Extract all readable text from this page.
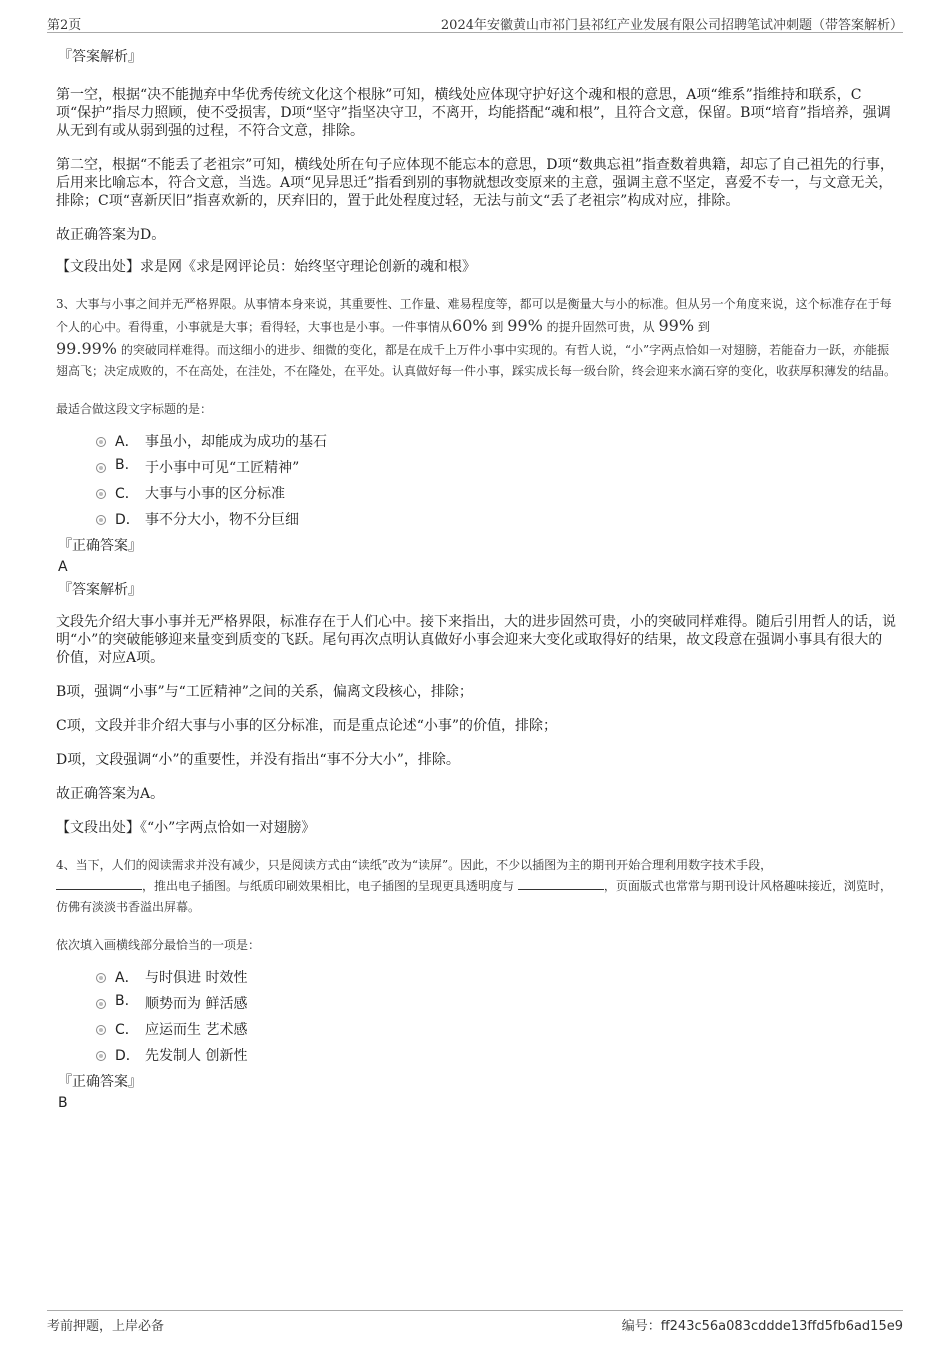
第2页	2024年安徽黄山市祁门县祁红产业发展有限公司招聘笔试冲刺题（带答案解析）
『答案解析』

第一空，根据“决不能抛弃中华优秀传统文化这个根脉”可知，横线处应体现守护好这个魂和根的意思，A项“维系”指维持和联系，C项“保护”指尽力照顾，使不受损害，D项“坚守”指坚决守卫，不离开，均能搭配“魂和根”，且符合文意，保留。B项“培育”指培养，强调从无到有或从弱到强的过程，不符合文意，排除。

第二空，根据“不能丢了老祖宗”可知，横线处所在句子应体现不能忘本的意思，D项“数典忘祖”指查数着典籍，却忘了自己祖先的行事，后用来比喻忘本，符合文意，当选。A项“见异思迁”指看到别的事物就想改变原来的主意，强调主意不坚定，喜爱不专一，与文意无关，排除；C项“喜新厌旧”指喜欢新的，厌弃旧的，置于此处程度过轻，无法与前文“丢了老祖宗”构成对应，排除。

故正确答案为D。

【文段出处】求是网《求是网评论员：始终坚守理论创新的魂和根》

3、大事与小事之间并无严格界限。从事情本身来说，其重要性、工作量、难易程度等，都可以是衡量大与小的标准。但从另一个角度来说，这个标准存在于每个人的心中。看得重，小事就是大事；看得轻，大事也是小事。一件事情从60% 到 99% 的提升固然可贵，从 99% 到
99.99% 的突破同样难得。而这细小的进步、细微的变化，都是在成千上万件小事中实现的。有哲人说，“小”字两点恰如一对翅膀，若能奋力一跃，亦能振翅高飞；决定成败的，不在高处，在洼处，不在隆处，在平处。认真做好每一件小事，踩实成长每一级台阶，终会迎来水滴石穿的变化，收获厚积薄发的结晶。

最适合做这段文字标题的是：

A． 事虽小，却能成为成功的基石
B. 于小事中可见“工匠精神”
C． 大事与小事的区分标准
D． 事不分大小，物不分巨细
『正确答案』
A
『答案解析』

文段先介绍大事小事并无严格界限，标准存在于人们心中。接下来指出，大的进步固然可贵，小的突破同样难得。随后引用哲人的话，说明“小”的突破能够迎来量变到质变的飞跃。尾句再次点明认真做好小事会迎来大变化或取得好的结果，故文段意在强调小事具有很大的价值，对应A项。

B项，强调“小事”与“工匠精神”之间的关系，偏离文段核心，排除；

C项，文段并非介绍大事与小事的区分标准，而是重点论述“小事”的价值，排除；

D项，文段强调“小”的重要性，并没有指出“事不分大小”，排除。

故正确答案为A。

【文段出处】《“小”字两点恰如一对翅膀》

4、当下，人们的阅读需求并没有减少，只是阅读方式由“读纸”改为“读屏”。因此，不少以插图为主的期刊开始合理利用数字技术手段，
，推出电子插图。与纸质印刷效果相比，电子插图的呈现更具透明度与	，页面版式也常常与期刊设计风格趣味接近，浏览时，仿佛有淡淡书香溢出屏幕。

依次填入画横线部分最恰当的一项是：

A． 与时俱进 时效性
B. 顺势而为 鲜活感
C． 应运而生 艺术感
D． 先发制人 创新性
『正确答案』
B
考前押题，上岸必备	编号：ff243c56a083cddde13ffd5fb6ad15e9
